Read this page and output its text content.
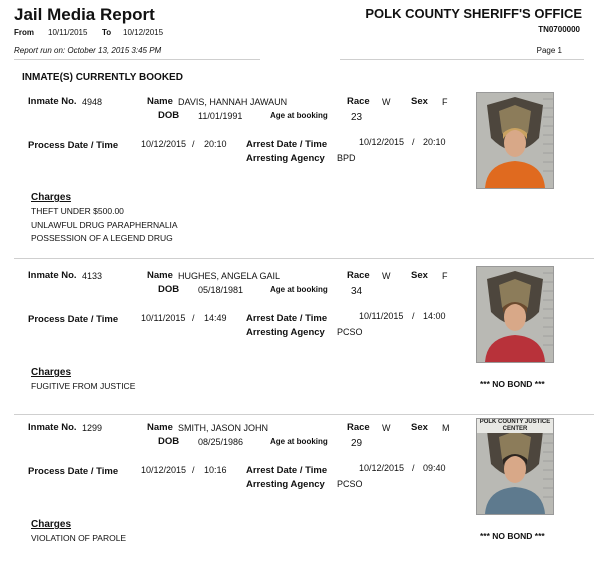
Jail Media Report	POLK COUNTY SHERIFF'S OFFICE
From 10/11/2015 To 10/12/2015	TN0700000
Report run on: October 13, 2015 3:45 PM	Page 1
INMATE(S) CURRENTLY BOOKED
Inmate No. 4948	Name DAVIS, HANNAH JAWAUN	Race W Sex F
DOB 11/01/1991	Age at booking 23
Process Date / Time	10/12/2015 / 20:10 Arrest Date / Time	10/12/2015 / 20:10
Arresting Agency BPD
Charges
THEFT UNDER $500.00
UNLAWFUL DRUG PARAPHERNALIA
POSSESSION OF A LEGEND DRUG
Inmate No. 4133	Name HUGHES, ANGELA GAIL	Race W Sex F
DOB 05/18/1981	Age at booking 34
Process Date / Time	10/11/2015 / 14:49 Arrest Date / Time	10/11/2015 / 14:00
Arresting Agency PCSO
Charges
FUGITIVE FROM JUSTICE	*** NO BOND ***
Inmate No. 1299	Name SMITH, JASON JOHN	Race W Sex M
DOB 08/25/1986	Age at booking 29
Process Date / Time	10/12/2015 / 10:16 Arrest Date / Time	10/12/2015 / 09:40
Arresting Agency PCSO
Charges
VIOLATION OF PAROLE	*** NO BOND ***
POLK COUNTY JUSTICE CENTER
